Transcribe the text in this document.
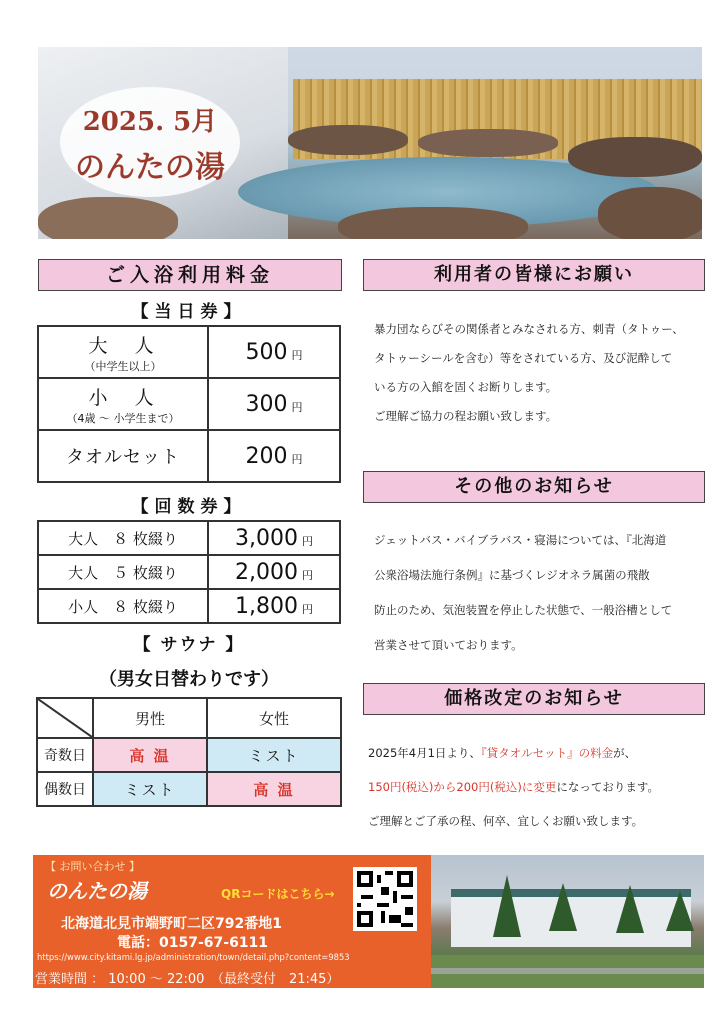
2025. 5月
のんたの湯
ご入浴利用料金
【当日券】
大　人
（中学生以上）	500 円

小　人
（4歳 ～ 小学生まで）	300 円

タオルセット	200 円
【回数券】
大人　８ 枚綴り	3,000 円
大人　５ 枚綴り	2,000 円
小人　８ 枚綴り	1,800 円
【 サウナ 】
（男女日替わりです）
	男性	女性
奇数日	高 温	ミスト
偶数日	ミスト	高 温
利用者の皆様にお願い
暴力団ならびその関係者とみなされる方、刺青（タトゥー、
タトゥーシールを含む）等をされている方、及び泥酔して
いる方の入館を固くお断りします。
ご理解ご協力の程お願い致します。
その他のお知らせ
ジェットバス・バイブラバス・寝湯については、『北海道
公衆浴場法施行条例』に基づくレジオネラ属菌の飛散
防止のため、気泡装置を停止した状態で、一般浴槽として
営業させて頂いております。
価格改定のお知らせ
2025年4月1日より、『貸タオルセット』の料金が、
150円(税込)から200円(税込)に変更になっております。
ご理解とご了承の程、何卒、宜しくお願い致します。
【 お問い合わせ 】
のんたの湯	QRコードはこちら→
北海道北見市端野町二区792番地1
電話：0157-67-6111
https://www.city.kitami.lg.jp/administration/town/detail.php?content=9853
営業時間 ： 10:00 ～ 22:00　（最終受付　21:45）
